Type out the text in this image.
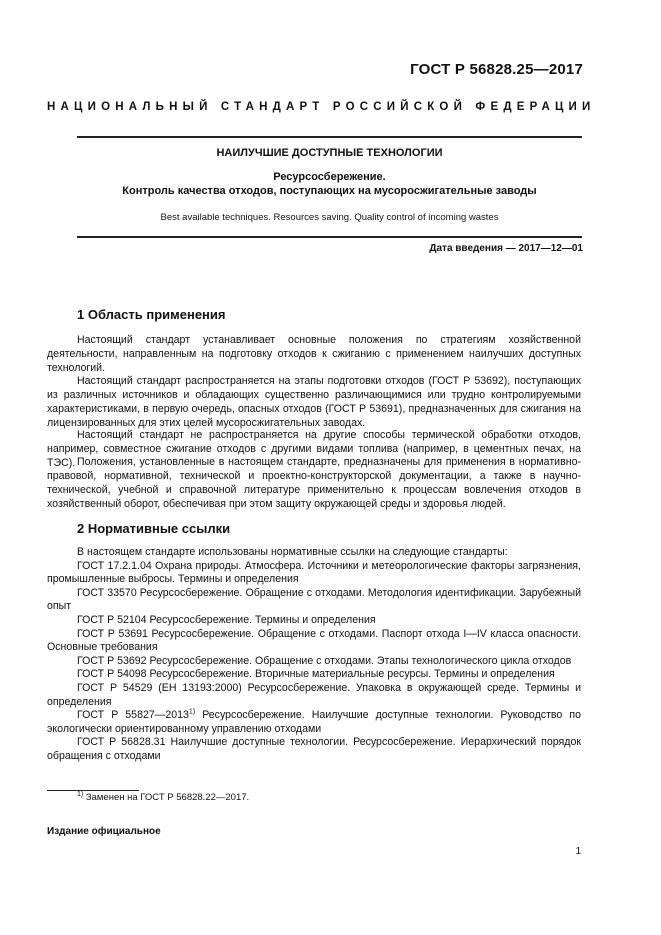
ГОСТ Р 56828.25—2017
НАЦИОНАЛЬНЫЙ СТАНДАРТ РОССИЙСКОЙ ФЕДЕРАЦИИ
НАИЛУЧШИЕ ДОСТУПНЫЕ ТЕХНОЛОГИИ
Ресурсосбережение.
Контроль качества отходов, поступающих на мусоросжигательные заводы
Best available techniques. Resources saving. Quality control of incoming wastes
Дата введения — 2017—12—01
1 Область применения
Настоящий стандарт устанавливает основные положения по стратегиям хозяйственной деятельности, направленным на подготовку отходов к сжиганию с применением наилучших доступных технологий.
Настоящий стандарт распространяется на этапы подготовки отходов (ГОСТ Р 53692), поступающих из различных источников и обладающих существенно различающимися или трудно контролируемыми характеристиками, в первую очередь, опасных отходов (ГОСТ Р 53691), предназначенных для сжигания на лицензированных для этих целей мусоросжигательных заводах.
Настоящий стандарт не распространяется на другие способы термической обработки отходов, например, совместное сжигание отходов с другими видами топлива (например, в цементных печах, на ТЭС). Положения, установленные в настоящем стандарте, предназначены для применения в нормативно-правовой, нормативной, технической и проектно-конструкторской документации, а также в научно-технической, учебной и справочной литературе применительно к процессам вовлечения отходов в хозяйственный оборот, обеспечивая при этом защиту окружающей среды и здоровья людей.
2 Нормативные ссылки
В настоящем стандарте использованы нормативные ссылки на следующие стандарты:
ГОСТ 17.2.1.04 Охрана природы. Атмосфера. Источники и метеорологические факторы загрязнения, промышленные выбросы. Термины и определения
ГОСТ 33570 Ресурсосбережение. Обращение с отходами. Методология идентификации. Зарубежный опыт
ГОСТ Р 52104 Ресурсосбережение. Термины и определения
ГОСТ Р 53691 Ресурсосбережение. Обращение с отходами. Паспорт отхода I—IV класса опасности. Основные требования
ГОСТ Р 53692 Ресурсосбережение. Обращение с отходами. Этапы технологического цикла отходов
ГОСТ Р 54098 Ресурсосбережение. Вторичные материальные ресурсы. Термины и определения
ГОСТ Р 54529 (ЕН 13193:2000) Ресурсосбережение. Упаковка в окружающей среде. Термины и определения
ГОСТ Р 55827—2013$^{1)}$ Ресурсосбережение. Наилучшие доступные технологии. Руководство по экологически ориентированному управлению отходами
ГОСТ Р 56828.31 Наилучшие доступные технологии. Ресурсосбережение. Иерархический порядок обращения с отходами
$^{1)}$ Заменен на ГОСТ Р 56828.22—2017.
Издание официальное
1
